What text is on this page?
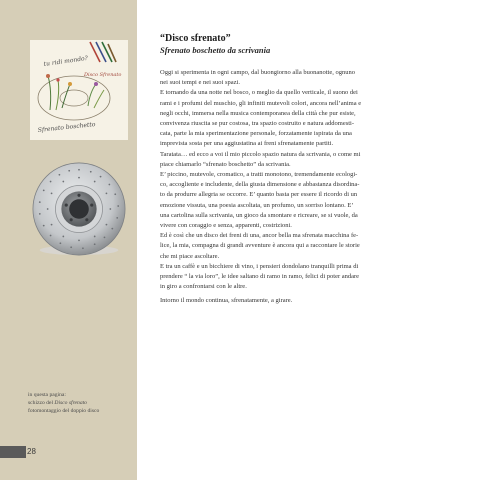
tu ridi mondo?
Disco Sfrenato
Sfrenato boschetto
in questa pagina:
schizzo del Disco sfrenato
fotomontaggio del doppio disco
28
“Disco sfrenato”
Sfrenato boschetto da scrivania

Oggi si sperimenta in ogni campo, dal buongiorno alla buonanotte, ognuno
nei suoi tempi e nei suoi spazi.

E tornando da una notte nel bosco, o meglio da quello verticale, il suono dei
rami e i profumi del muschio, gli infiniti mutevoli colori, ancora nell’anima e
negli occhi, immersa nella musica contemporanea della città che pur esiste,
convivenza riuscita se pur costosa, tra spazio costruito e natura addomesti-
cata, parte la mia sperimentazione personale, forzatamente ispirata da una
imprevista sosta per una aggiustatina ai freni sfrenatamente partiti.

Taratata… ed ecco a voi il mio piccolo spazio natura da scrivania, o come mi
piace chiamarlo “sfrenato boschetto” da scrivania.

E’ piccino, mutevole, cromatico, a tratti monotono, tremendamente ecologi-
co, accogliente e includente, della giusta dimensione e abbastanza disordina-
to da produrre allegria se occorre. E’ quanto basta per essere il ricordo di un
emozione vissuta, una poesia ascoltata, un profumo, un sorriso lontano. E’
una cartolina sulla scrivania, un gioco da smontare e ricreare, se si vuole, da
vivere con coraggio e senza, apparenti, costrizioni.

Ed è così che un disco dei freni di una, ancor bella ma sfrenata macchina fe-
lice, la mia, compagna di grandi avventure è ancora qui a raccontare le storie
che mi piace ascoltare.

E tra un caffè e un bicchiere di vino, i pensieri dondolano tranquilli prima di
prendere “ la via loro”, le idee saltano di ramo in ramo, felici di poter andare
in giro a confrontarsi con le altre.

Intorno il mondo continua, sfrenatamente, a girare.
